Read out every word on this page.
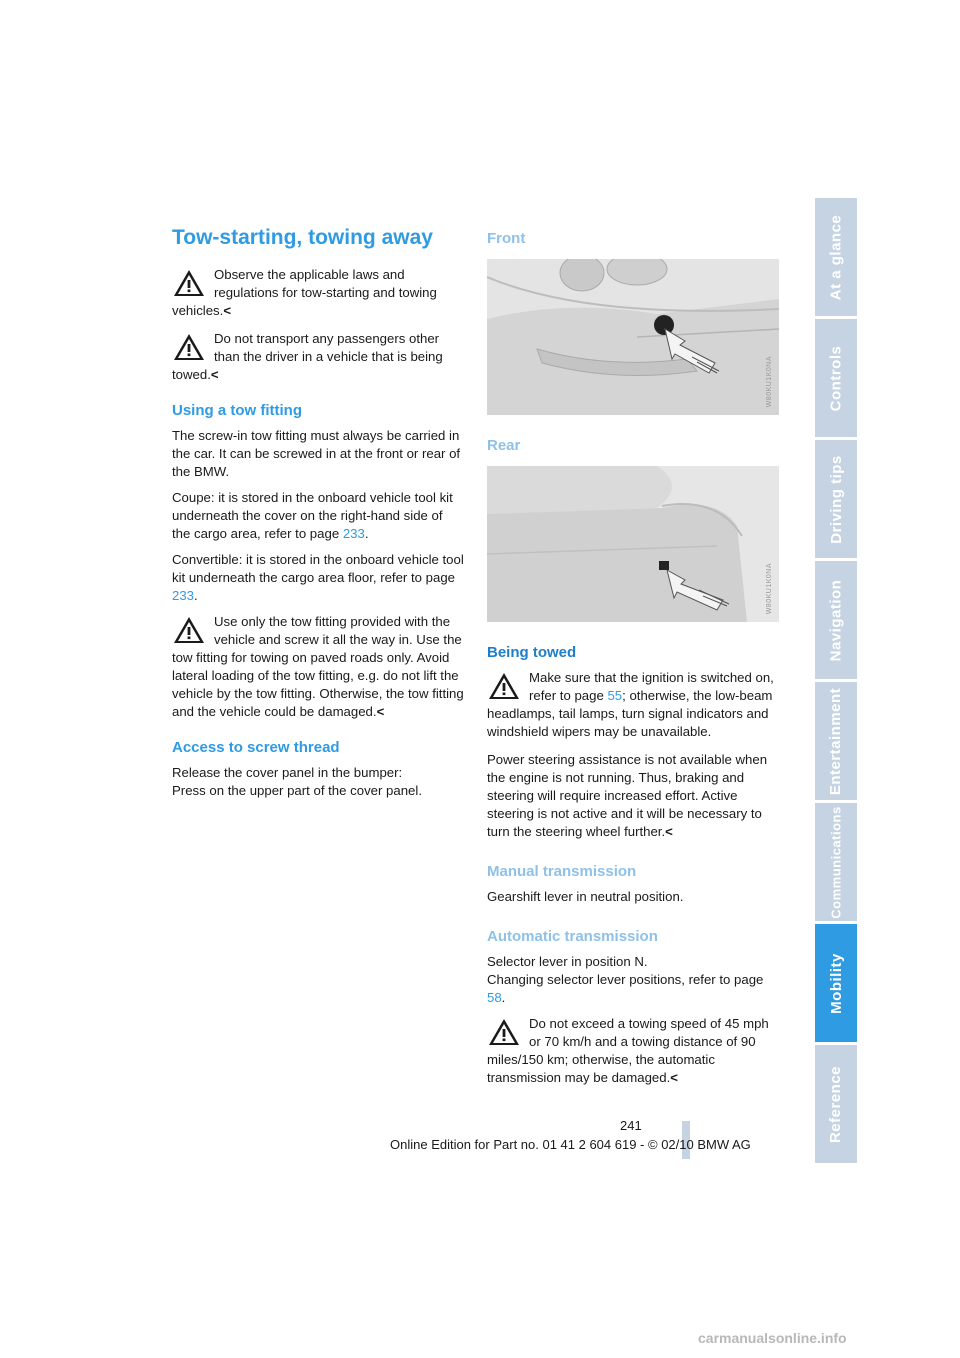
At a glance
Controls
Driving tips
Navigation
Entertainment
Communications
Mobility
Reference
Tow-starting, towing away
Observe the applicable laws and regulations for tow-starting and towing vehicles.<
Do not transport any passengers other than the driver in a vehicle that is being towed.<
Using a tow fitting

The screw-in tow fitting must always be carried in the car. It can be screwed in at the front or rear of the BMW.

Coupe: it is stored in the onboard vehicle tool kit underneath the cover on the right-hand side of the cargo area, refer to page 233.

Convertible: it is stored in the onboard vehicle tool kit underneath the cargo area floor, refer to page 233.

Use only the tow fitting provided with the vehicle and screw it all the way in. Use the tow fitting for towing on paved roads only. Avoid lateral loading of the tow fitting, e.g. do not lift the vehicle by the tow fitting. Otherwise, the tow fitting and the vehicle could be damaged.<
Access to screw thread

Release the cover panel in the bumper:

Press on the upper part of the cover panel.

Front
W80KU1K0NA
Rear
W80KU1K0NA
Being towed
Make sure that the ignition is switched on, refer to page 55; otherwise, the low-beam headlamps, tail lamps, turn signal indicators and windshield wipers may be unavailable.

Power steering assistance is not available when the engine is not running. Thus, braking and steering will require increased effort. Active steering is not active and it will be necessary to turn the steering wheel further.<

Manual transmission

Gearshift lever in neutral position.

Automatic transmission

Selector lever in position N.

Changing selector lever positions, refer to page 58.

Do not exceed a towing speed of 45 mph or 70 km/h and a towing distance of 90 miles/150 km; otherwise, the automatic transmission may be damaged.<
241
Online Edition for Part no. 01 41 2 604 619 - © 02/10 BMW AG
carmanualsonline.info
